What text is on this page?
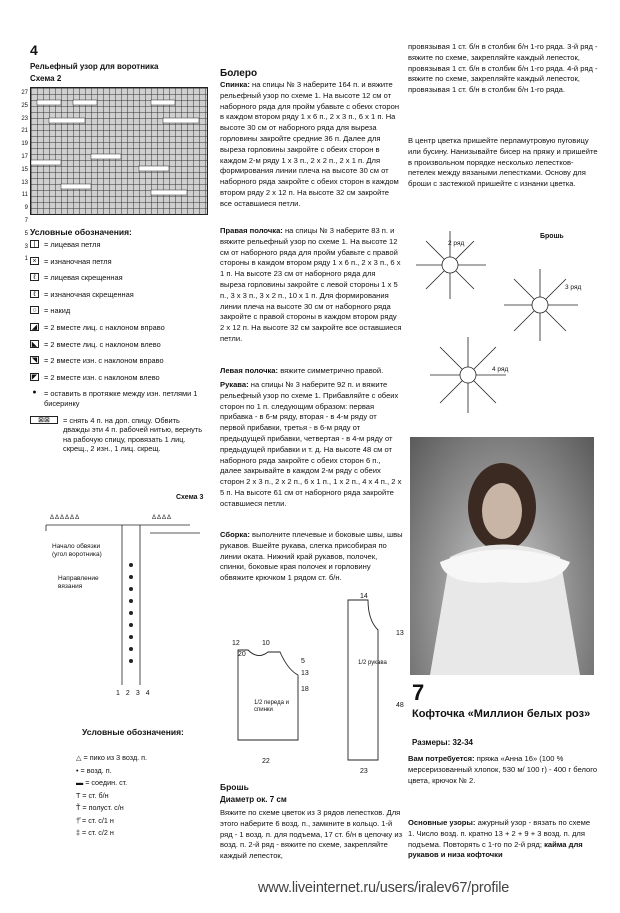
4
Рельефный узор для воротника
Схема 2
27
25
23
21
19
17
15
13
11
9
7
5
3
1
Условные обозначения:
|	= лицевая петля
×	= изнаночная петля
ℓ	= лицевая скрещенная
ℓ	= изнаночная скрещенная
○ = накид
◢ = 2 вместе лиц. с наклоном вправо
◣ = 2 вместе лиц. с наклоном влево
◥ = 2 вместе изн. с наклоном вправо
◤ = 2 вместе изн. с наклоном влево
● = оставить в протяжке между изн. петлями 1 бисеринку
⊠⊠	= снять 4 п. на доп. спицу. Обвить дважды эти 4 п. рабочей нитью, вернуть на рабочую спицу, провязать 1 лиц. скрещ., 2 изн., 1 лиц. скрещ.
Схема 3
Δ Δ Δ Δ Δ Δ	Δ Δ Δ Δ
Начало обвязки (угол воротника)
Направление вязания
1234
Условные обозначения:
△ = пико из 3 возд. п.
• = возд. п.
▬ = соедин. ст.
T = ст. б/н
Ť = полуст. с/н
†̂ = ст. с/1 н
‡ = ст. с/2 н
Болеро
Спинка: на спицы № 3 наберите 164 п. и вяжите рельефный узор по схеме 1. На высоте 12 см от наборного ряда для пройм убавьте с обеих сторон в каждом втором ряду 1 х 6 п., 2 х 3 п., 6 х 1 п. На высоте 30 см от наборного ряда для выреза горловины закройте средние 36 п. Далее для выреза горловины закройте с обеих сторон в каждом 2-м ряду 1 х 3 п., 2 х 2 п., 2 х 1 п. Для формирования линии плеча на высоте 30 см от наборного ряда закройте с обеих сторон в каждом втором ряду 2 х 12 п. На высоте 32 см закройте все оставшиеся петли.
Правая полочка: на спицы № 3 наберите 83 п. и вяжите рельефный узор по схеме 1. На высоте 12 см от наборного ряда для пройм убавьте с правой стороны в каждом втором ряду 1 х 6 п., 2 х 3 п., 6 х 1 п. На высоте 23 см от наборного ряда для выреза горловины закройте с левой стороны 1 х 5 п., 3 х 3 п., 3 х 2 п., 10 х 1 п. Для формирования линии плеча на высоте 30 см от наборного ряда закройте с правой стороны в каждом втором ряду 2 х 12 п. На высоте 32 см закройте все оставшиеся петли.
Левая полочка: вяжите симметрично правой.
Рукава: на спицы № 3 наберите 92 п. и вяжите рельефный узор по схеме 1. Прибавляйте с обеих сторон по 1 п. следующим образом: первая прибавка - в 6-м ряду, вторая - в 4-м ряду от первой прибавки, третья - в 6-м ряду от предыдущей прибавки, четвертая - в 4-м ряду от предыдущей прибавки и т. д. На высоте 48 см от наборного ряда закройте с обеих сторон 6 п., далее закрывайте в каждом 2-м ряду с обеих сторон 2 х 3 п., 2 х 2 п., 6 х 1 п., 1 х 2 п., 4 х 4 п., 2 х 5 п. На высоте 61 см от наборного ряда закройте оставшиеся петли.
Сборка: выполните плечевые и боковые швы, швы рукавов. Вшейте рукава, слегка присобирая по линии оката. Нижний край рукавов, полочек, спинки, боковые края полочек и горловину обвяжите крючком 1 рядом ст. б/н.
12	10
20
5
13
18
22
1/2 переда и спинки
14
13
48
23
1/2 рукава
Брошь
Диаметр ок. 7 см
Вяжите по схеме цветок из 3 рядов лепестков. Для этого наберите 6 возд. п., замкните в кольцо. 1-й ряд - 1 возд. п. для подъема, 17 ст. б/н в цепочку из возд. п. 2-й ряд - вяжите по схеме, закрепляйте каждый лепесток,
провязывая 1 ст. б/н в столбик б/н 1-го ряда. 3-й ряд - вяжите по схеме, закрепляйте каждый лепесток, провязывая 1 ст. б/н в столбик б/н 1-го ряда. 4-й ряд - вяжите по схеме, закрепляйте каждый лепесток, провязывая 1 ст. б/н в столбик б/н 1-го ряда.
В центр цветка пришейте перламутровую пуговицу или бусину. Нанизывайте бисер на пряжу и пришейте в произвольном порядке несколько лепестков-петелек между вязаными лепестками. Основу для броши с застежкой пришейте с изнанки цветка.
Брошь
2 ряд
3 ряд
4 ряд
7
Кофточка «Миллион белых роз»
Размеры: 32-34
Вам потребуется: пряжа «Анна 16» (100 % мерсеризованный хлопок, 530 м/ 100 г) - 400 г белого цвета, крючок № 2.
Основные узоры: ажурный узор - вязать по схеме 1. Число возд. п. кратно 13 + 2 + 9 + 3 возд. п. для подъема. Повторять с 1-го по 2-й ряд; кайма для рукавов и низа кофточки
www.liveinternet.ru/users/iralev67/profile
